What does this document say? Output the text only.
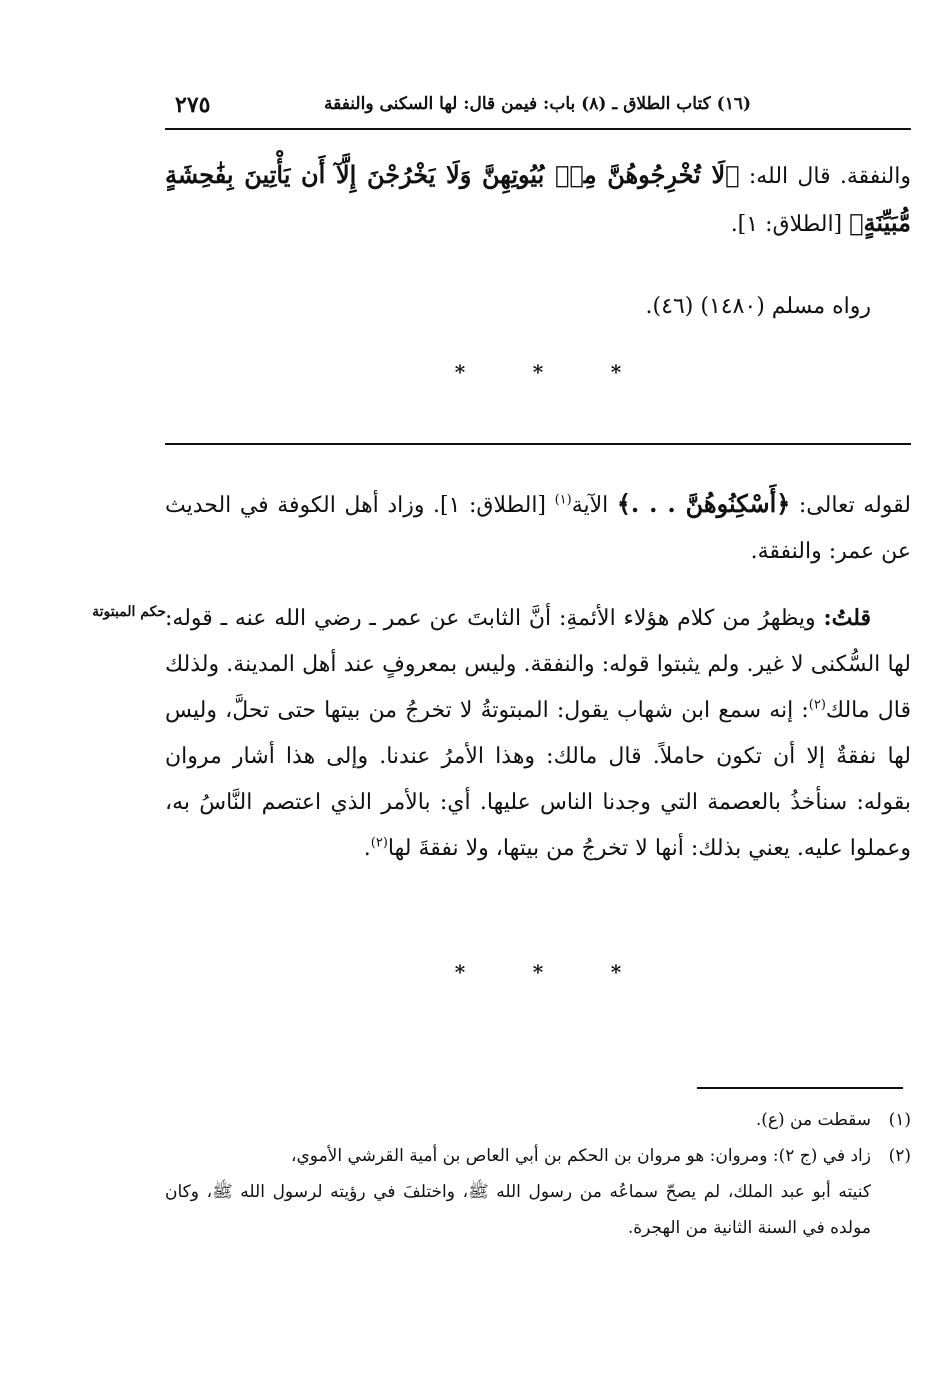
(١٦) كتاب الطلاق ـ (٨) باب: فيمن قال: لها السكنى والنفقة
٢٧٥

والنفقة. قال الله: ﴿لَا تُخْرِجُوهُنَّ مِنۢ بُيُوتِهِنَّ وَلَا يَخْرُجْنَ إِلَّآ أَن يَأْتِينَ بِفَٰحِشَةٍ مُّبَيِّنَةٍ﴾ [الطلاق: ١].

رواه مسلم (١٤٨٠) (٤٦).

*	*	*

لقوله تعالى: ﴿أَسْكِنُوهُنَّ . . .﴾ الآية$^{(١)}$ [الطلاق: ١]. وزاد أهل الكوفة في الحديث عن عمر: والنفقة.

قلتُ: ويظهرُ من كلام هؤلاء الأئمةِ: أنَّ الثابتَ عن عمر ـ رضي الله عنه ـ قوله: لها السُّكنى لا غير. ولم يثبتوا قوله: والنفقة. وليس بمعروفٍ عند أهل المدينة. ولذلك قال مالك$^{(٢)}$: إنه سمع ابن شهاب يقول: المبتوتةُ لا تخرجُ من بيتها حتى تحلَّ، وليس لها نفقةٌ إلا أن تكون حاملاً. قال مالك: وهذا الأمرُ عندنا. وإلى هذا أشار مروان بقوله: سنأخذُ بالعصمة التي وجدنا الناس عليها. أي: بالأمر الذي اعتصم النَّاسُ به، وعملوا عليه. يعني بذلك: أنها لا تخرجُ من بيتها، ولا نفقةَ لها$^{(٢)}$.

حكم المبتوتة
*	*	*

(١)سقطت من (ع).

(٢)زاد في (ج ٢): ومروان: هو مروان بن الحكم بن أبي العاص بن أمية القرشي الأموي،

كنيته أبو عبد الملك، لم يصحّ سماعُه من رسول الله ﷺ، واختلفَ في رؤيته لرسول الله ﷺ، وكان مولده في السنة الثانية من الهجرة.
